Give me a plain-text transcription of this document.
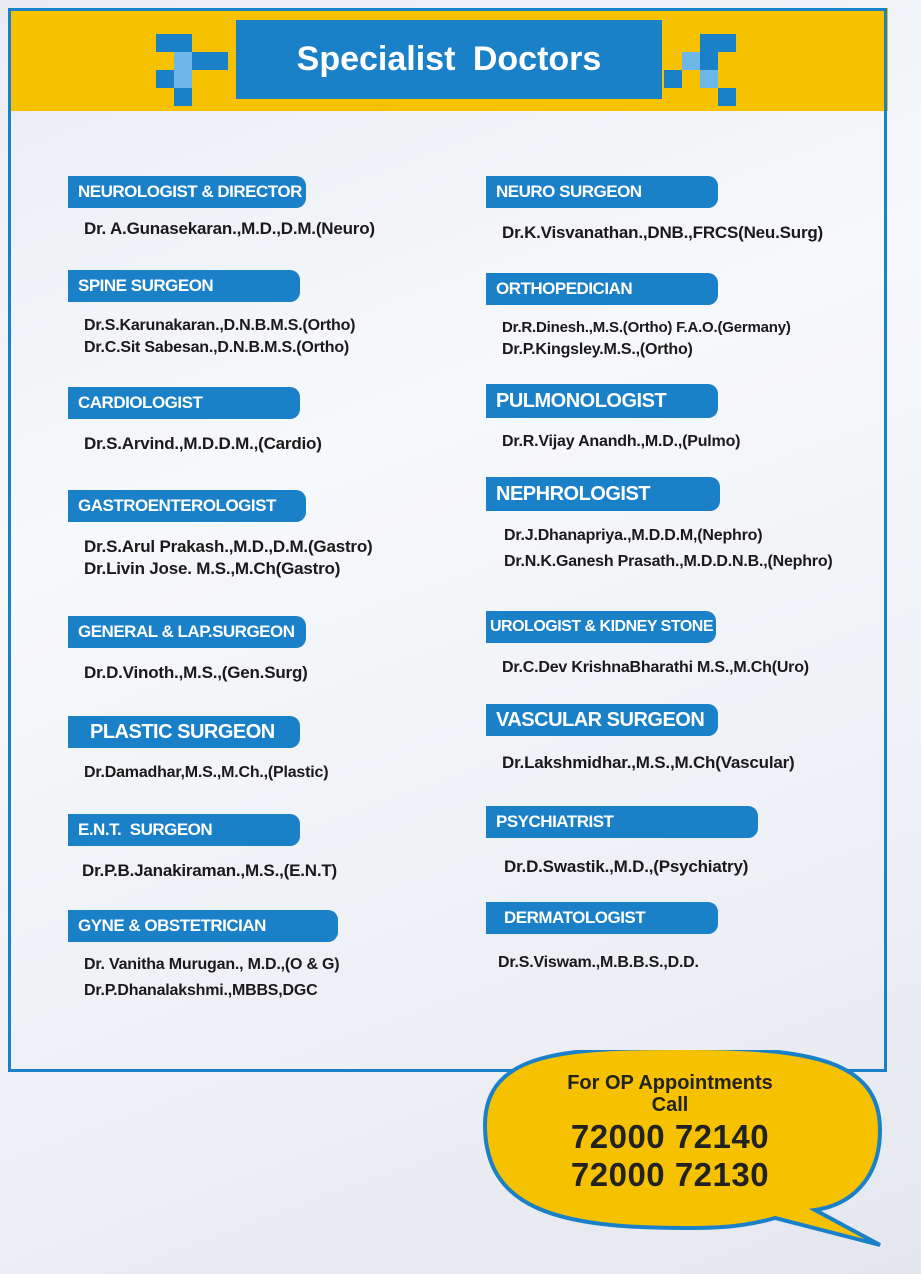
Specialist Doctors
NEUROLOGIST & DIRECTOR
Dr. A.Gunasekaran.,M.D.,D.M.(Neuro)
SPINE SURGEON
Dr.S.Karunakaran.,D.N.B.M.S.(Ortho)
Dr.C.Sit Sabesan.,D.N.B.M.S.(Ortho)
CARDIOLOGIST
Dr.S.Arvind.,M.D.D.M.,(Cardio)
GASTROENTEROLOGIST
Dr.S.Arul Prakash.,M.D.,D.M.(Gastro)
Dr.Livin Jose. M.S.,M.Ch(Gastro)
GENERAL & LAP.SURGEON
Dr.D.Vinoth.,M.S.,(Gen.Surg)
PLASTIC SURGEON
Dr.Damadhar,M.S.,M.Ch.,(Plastic)
E.N.T.  SURGEON
Dr.P.B.Janakiraman.,M.S.,(E.N.T)
GYNE & OBSTETRICIAN
Dr. Vanitha Murugan., M.D.,(O & G)
Dr.P.Dhanalakshmi.,MBBS,DGC
NEURO SURGEON
Dr.K.Visvanathan.,DNB.,FRCS(Neu.Surg)
ORTHOPEDICIAN
Dr.R.Dinesh.,M.S.(Ortho) F.A.O.(Germany)
Dr.P.Kingsley.M.S.,(Ortho)
PULMONOLOGIST
Dr.R.Vijay Anandh.,M.D.,(Pulmo)
NEPHROLOGIST
Dr.J.Dhanapriya.,M.D.D.M,(Nephro)
Dr.N.K.Ganesh Prasath.,M.D.D.N.B.,(Nephro)
UROLOGIST & KIDNEY STONE
Dr.C.Dev KrishnaBharathi M.S.,M.Ch(Uro)
VASCULAR SURGEON
Dr.Lakshmidhar.,M.S.,M.Ch(Vascular)
PSYCHIATRIST
Dr.D.Swastik.,M.D.,(Psychiatry)
DERMATOLOGIST
Dr.S.Viswam.,M.B.B.S.,D.D.
For OP Appointments
Call
72000 72140
72000 72130
